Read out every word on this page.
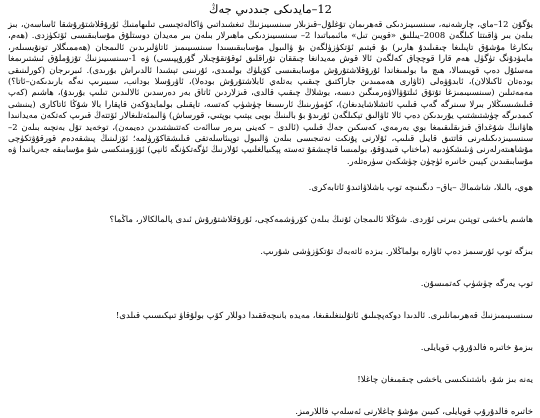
12–مايدىكى جىددىي جەڭ

يۇگۇن 12–ماي، چارشەنبە، سىنسىيىزدىكى قەھرىمان تۇغلۇل–قىزىلار سىنسىيىزنىڭ تىغشىداتىي ۋاكالەتچىسى تىلىھامنىڭ ئۇرۇقلاشتۇرۇشقا ئاساسەن، بىز بىلەن بىر ۋاقىتتا كىلگەن 2008–يىللىق «قويىن تىل» مائىمباتىدا 2– سىنسىيىزدىكى ماھىرلار بىلەن بىر مەيدان دوستلۇق مۇسابىقىسى ئۆتكۈزدى. (ھەم، بىكارغا مۇشۇق تاپىلىغا چىقىلىدۇ ھارىر) بۇ قېتىم ئۆتكۈزۈلگەن بۇ ۋالىبول مۇسابىقىسىدا سىنسىيىمىز ئاتاۋلىرىدىن ئالىمجان (ھەممىگلار تونۇيسىلەر، مايىۋدۇنگ تۈگۈل ھەم قارا قوچچاق كەلگەن ئالا قوش مەيدانغا چىققان تۇراقلىق ئوقۇتقۇچىلار گۇرۇپپىسى) ۋە 1-سىنسىيىزنىڭ تۇزۇملۇق ئىشتىرىمغا مەسئۇل دەپ قويىسالا، ھىچ ما بولمىغاندا ئۇرۇقلاشتۇرۇش مۇسابىقىسى كۆپلۈك بولمىدى، ئۇرنىنى تېشىدا ئالدىراش بۇرىدى). ئىبرىرجان (كورلىنىقى بودەتان ئاكىلالان)، ئابدۇۋەلى (ئاۋارى ھەممىدىن جاراكتىق چىقىپ بەتلەي ئابلاشتۇرۇش بودەلا)، ئاۋرۇسلا بودانب، سىيىرىپ نەگە بارىدىكەن–ئاتا؟) مەمەتىلىن (سىنسىيىمىزغا تۇتۇق ئىلتۇۋالاۋەرمىگىن دىسە، بوشلاڭ چىقىپ قالدى، قىزلاردىن ئاتاق بەر دەرسدىن ئالالىدىن تىلىپ بۇرىدۇ)، ھاشىم (كەپ قىلىشىسىڭلار بىرلا سىنرگە گەپ قىلىپ ئاتشلاشايدىغان)، كۈمۈرىنىڭ ئارىسىغا چۈشۈپ كەتسە، تاپقىلى بولمايدۇكەن قاپقارا بالا شۇڭا ئاتاكارى (يىنىشى كىمدىرگە چۈشتىشتىپ يۇرىدىكن دەپ ئالا ئاۋالىق تېكىلگەن ئۇرىدۇ بۇ بالىنىڭ بويى يېتىپ بوپتىي، قورساش) ۋالىمئەتلىغالار ئۆتتەڭ قىرىپ كەتكەن مەيدانىدا ھاۋانىڭ شۇغداق قىزىقلىقىمغا بوي بەرمەي، كەسكىن جەڭ قىلىپ (ئالدى – كەينى بىرەر ساائەت كەتتىشتىدىن دەيمەن)، توخەيد تۇل بەنچىە بىلەن 2–سىنسىيىزدىكىلەرنى قاتتىق قايىل قىلىپ، ئۇلارنى پۇنكت نەتىجىسى بىلەن ۋالىبول توپىئاسلەتقى قىلىشقاكۆرۈلمە؛ ئۆزلىنىڭ پىشقەدەم قورقۇۋتكۈچى مۇشاھىتەرلەرنى ۋىئىشكۈدىيە (ماخناپ قىيدۇقۇ، بولمىسا قاچىشقۇ تەستە پېكىيالغلىيپ ئۇلارنىڭ ئۈگەتكۈنگە ئانېي) ئۆزۆمنىكسى شۇ مۇسابىقە جەريانىدا ۋە مۇسابىقىدىن كېيىن خانىرە ئۈچۈن چۈشكەن سۈرەتلەر.

ھوي، بالىلا، شاشماڭ –ياق– دىگىنىچە توپ باشلاۋاتىدۇ ئاتابەكرى.
ھاشىم ياخشى توپتىن بىرنى ئۇردى. شۇڭلا ئالىمجان ئۇنىڭ بىلەن كۆرۈشمەكچى، ئۇرۇقلاشتۇرۇش ئىدى پالمالكالار، ماڭما؟
بىزگە توپ ئۇرسىمز دەپ ئاۋارە بولماڭلار. بىزدە ئاتەبەك تۇتكۈزۈشى شۇرىپ.
توپ يەرگە چۈشۈپ كەتمىسۇن.
سىنسىيىمىزنىڭ قەھرىمانلىرى. ئالدىدا دوكەپچىلىق ئاتۇلىنغلىقىغا، مەيدە بانىچەققىدا دوللار كۆپ بولۇقاۋ تىپكىسىپ قىلدى!
بىزمۇ خاتىرە فالدۇرۇپ قويايلى.
يەنە بىز شۇ، باشتىنكىسى ياخشى چىقمىغان چاغلا!
خاتىرە فالدۇرۇپ قويايلى، كىيىن مۇشۇ چاغلارنى ئەسلەپ فاللارمىز.
